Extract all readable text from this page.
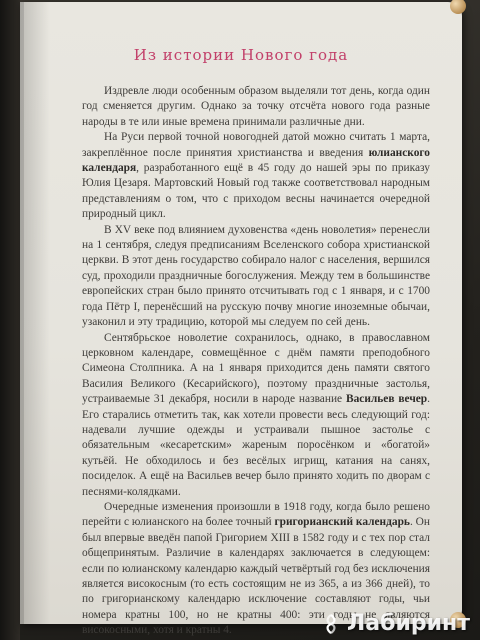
Из истории Нового года

Издревле люди особенным образом выделяли тот день, когда один год сменяется другим. Однако за точку отсчёта нового года разные народы в те или иные времена принимали различные дни.

На Руси первой точной новогодней датой можно считать 1 марта, закреплённое после принятия христианства и введения юлианского календаря, разработанного ещё в 45 году до нашей эры по приказу Юлия Цезаря. Мартовский Новый год также соответствовал народным представлениям о том, что с приходом весны начинается очередной природный цикл.

В XV веке под влиянием духовенства «день новолетия» перенесли на 1 сентября, следуя предписаниям Вселенского собора христианской церкви. В этот день государство собирало налог с населения, вершился суд, проходили праздничные богослужения. Между тем в большинстве европейских стран было принято отсчитывать год с 1 января, и с 1700 года Пётр I, перенёсший на русскую почву многие иноземные обычаи, узаконил и эту традицию, которой мы следуем по сей день.

Сентябрьское новолетие сохранилось, однако, в православном церковном календаре, совмещённое с днём памяти преподобного Симеона Столпника. А на 1 января приходится день памяти святого Василия Великого (Кесарийского), поэтому праздничные застолья, устраиваемые 31 декабря, носили в народе название Васильев вечер. Его старались отметить так, как хотели провести весь следующий год: надевали лучшие одежды и устраивали пышное застолье с обязательным «кесаретским» жареным поросёнком и «богатой» кутьёй. Не обходилось и без весёлых игрищ, катания на санях, посиделок. А ещё на Васильев вечер было принято ходить по дворам с песнями-колядками.

Очередные изменения произошли в 1918 году, когда было решено перейти с юлианского на более точный григорианский календарь. Он был впервые введён папой Григорием XIII в 1582 году и с тех пор стал общепринятым. Различие в календарях заключается в следующем: если по юлианскому календарю каждый четвёртый год без исключения является високосным (то есть состоящим не из 365, а из 366 дней), то по григорианскому календарю исключение составляют годы, чьи номера кратны 100, но не кратны 400: эти годы не являются високосными, хотя и кратны 4.	Лабиринт
